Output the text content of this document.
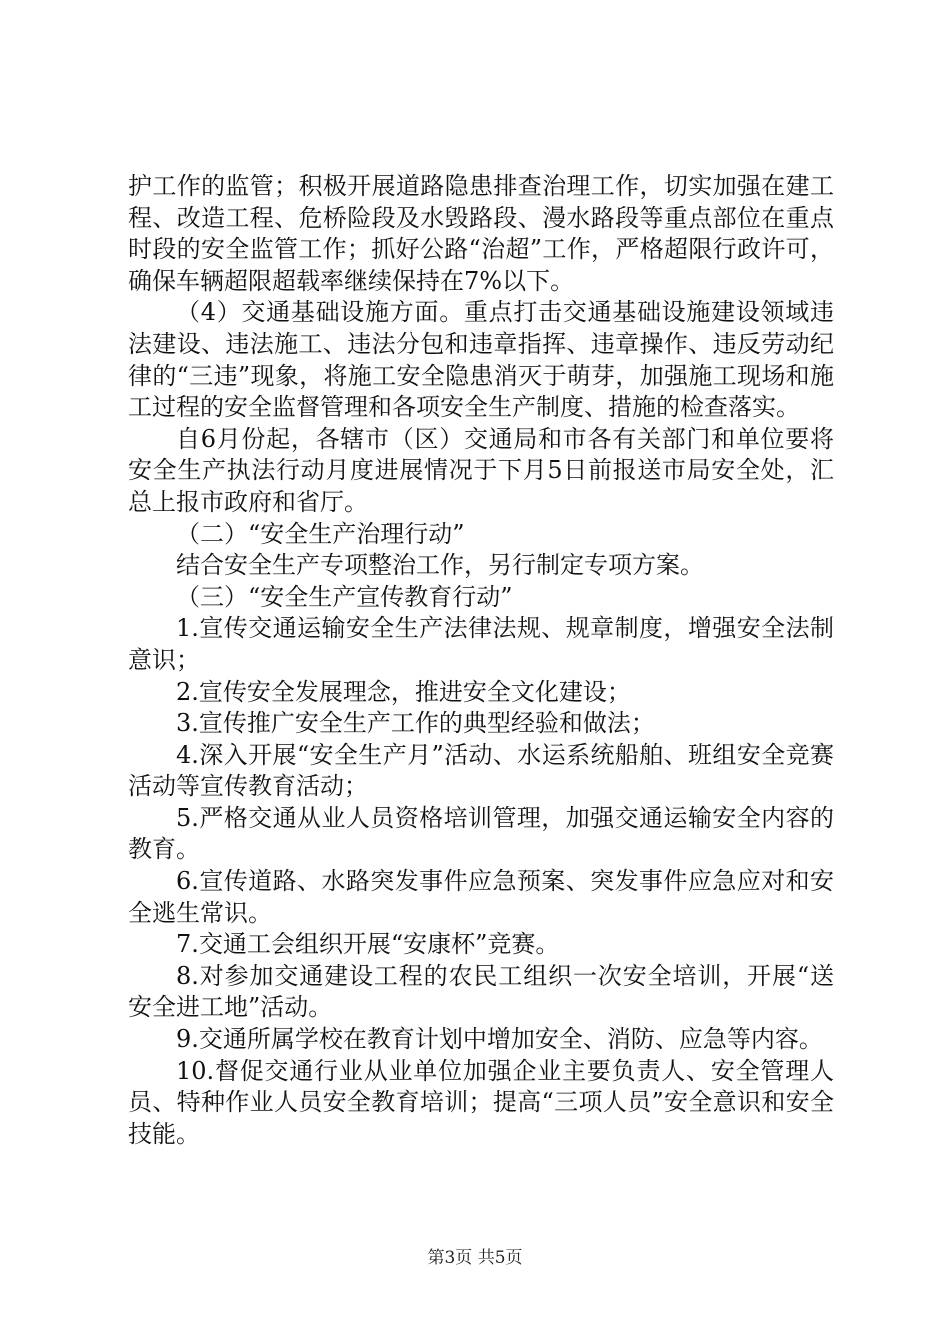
护工作的监管；积极开展道路隐患排查治理工作，切实加强在建工程、改造工程、危桥险段及水毁路段、漫水路段等重点部位在重点时段的安全监管工作；抓好公路“治超”工作，严格超限行政许可，确保车辆超限超载率继续保持在7%以下。

（4）交通基础设施方面。重点打击交通基础设施建设领域违法建设、违法施工、违法分包和违章指挥、违章操作、违反劳动纪律的“三违”现象，将施工安全隐患消灭于萌芽，加强施工现场和施工过程的安全监督管理和各项安全生产制度、措施的检查落实。

自6月份起，各辖市（区）交通局和市各有关部门和单位要将安全生产执法行动月度进展情况于下月5日前报送市局安全处，汇总上报市政府和省厅。

（二）“安全生产治理行动”

结合安全生产专项整治工作，另行制定专项方案。

（三）“安全生产宣传教育行动”

1.宣传交通运输安全生产法律法规、规章制度，增强安全法制意识；

2.宣传安全发展理念，推进安全文化建设；

3.宣传推广安全生产工作的典型经验和做法；

4.深入开展“安全生产月”活动、水运系统船舶、班组安全竞赛活动等宣传教育活动；

5.严格交通从业人员资格培训管理，加强交通运输安全内容的教育。

6.宣传道路、水路突发事件应急预案、突发事件应急应对和安全逃生常识。

7.交通工会组织开展“安康杯”竞赛。

8.对参加交通建设工程的农民工组织一次安全培训，开展“送安全进工地”活动。

9.交通所属学校在教育计划中增加安全、消防、应急等内容。

10.督促交通行业从业单位加强企业主要负责人、安全管理人员、特种作业人员安全教育培训；提高“三项人员”安全意识和安全技能。

第3页 共5页
